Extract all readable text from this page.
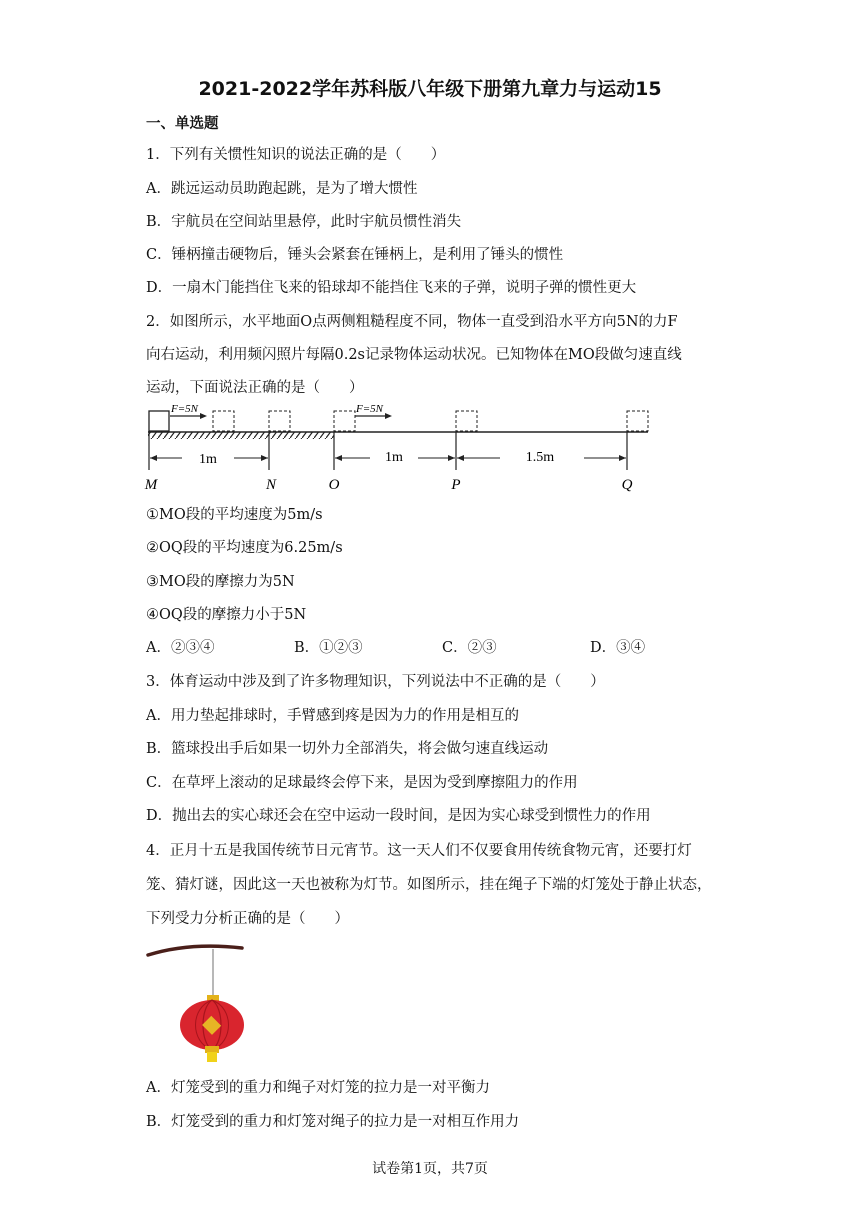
2021-2022学年苏科版八年级下册第九章力与运动15
一、单选题
1．下列有关惯性知识的说法正确的是（　　）
A．跳远运动员助跑起跳，是为了增大惯性
B．宇航员在空间站里悬停，此时宇航员惯性消失
C．锤柄撞击硬物后，锤头会紧套在锤柄上，是利用了锤头的惯性
D．一扇木门能挡住飞来的铅球却不能挡住飞来的子弹，说明子弹的惯性更大
2．如图所示，水平地面O点两侧粗糙程度不同，物体一直受到沿水平方向5N的力F
向右运动，利用频闪照片每隔0.2s记录物体运动状况。已知物体在MO段做匀速直线
运动，下面说法正确的是（　　）
F=5N	F=5N
1m	1m	1.5m
M	N	O	P	Q
①MO段的平均速度为5m/s
②OQ段的平均速度为6.25m/s
③MO段的摩擦力为5N
④OQ段的摩擦力小于5N
A．②③④	B．①②③	C．②③	D．③④
3．体育运动中涉及到了许多物理知识，下列说法中不正确的是（　　）
A．用力垫起排球时，手臂感到疼是因为力的作用是相互的
B．篮球投出手后如果一切外力全部消失，将会做匀速直线运动
C．在草坪上滚动的足球最终会停下来，是因为受到摩擦阻力的作用
D．抛出去的实心球还会在空中运动一段时间，是因为实心球受到惯性力的作用
4．正月十五是我国传统节日元宵节。这一天人们不仅要食用传统食物元宵，还要打灯
笼、猜灯谜，因此这一天也被称为灯节。如图所示，挂在绳子下端的灯笼处于静止状态，
下列受力分析正确的是（　　）
A．灯笼受到的重力和绳子对灯笼的拉力是一对平衡力
B．灯笼受到的重力和灯笼对绳子的拉力是一对相互作用力
试卷第1页，共7页
